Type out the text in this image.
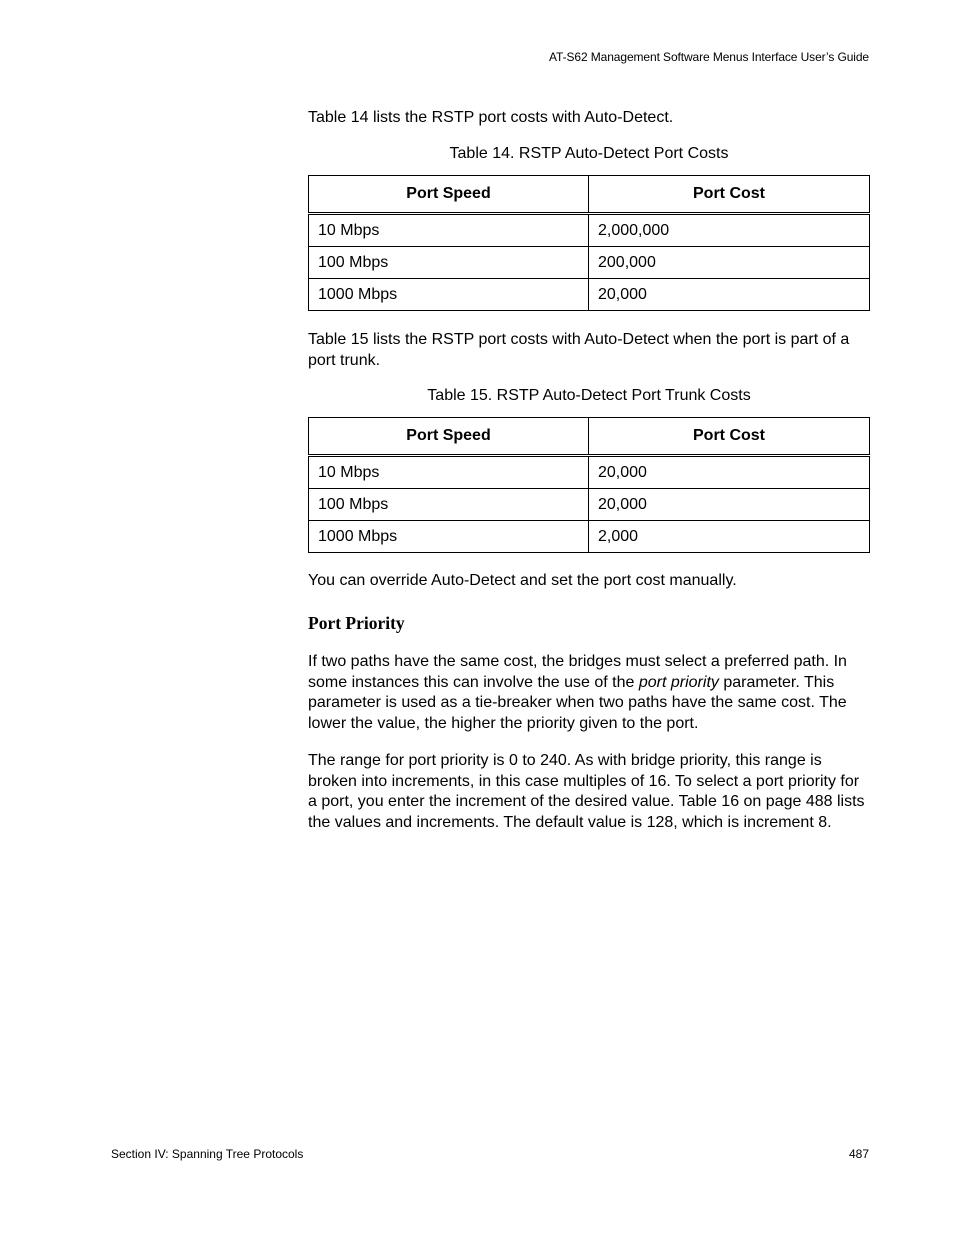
AT-S62 Management Software Menus Interface User’s Guide

Table 14 lists the RSTP port costs with Auto-Detect.

Table 14. RSTP Auto-Detect Port Costs
Port Speed	Port Cost
10 Mbps	2,000,000
100 Mbps	200,000
1000 Mbps	20,000

Table 15 lists the RSTP port costs with Auto-Detect when the port is part of a port trunk.

Table 15. RSTP Auto-Detect Port Trunk Costs
Port Speed	Port Cost
10 Mbps	20,000
100 Mbps	20,000
1000 Mbps	2,000

You can override Auto-Detect and set the port cost manually.

Port Priority

If two paths have the same cost, the bridges must select a preferred path. In some instances this can involve the use of the port priority parameter. This parameter is used as a tie-breaker when two paths have the same cost. The lower the value, the higher the priority given to the port.

The range for port priority is 0 to 240. As with bridge priority, this range is broken into increments, in this case multiples of 16. To select a port priority for a port, you enter the increment of the desired value. Table 16 on page 488 lists the values and increments. The default value is 128, which is increment 8.

Section IV: Spanning Tree Protocols	487
